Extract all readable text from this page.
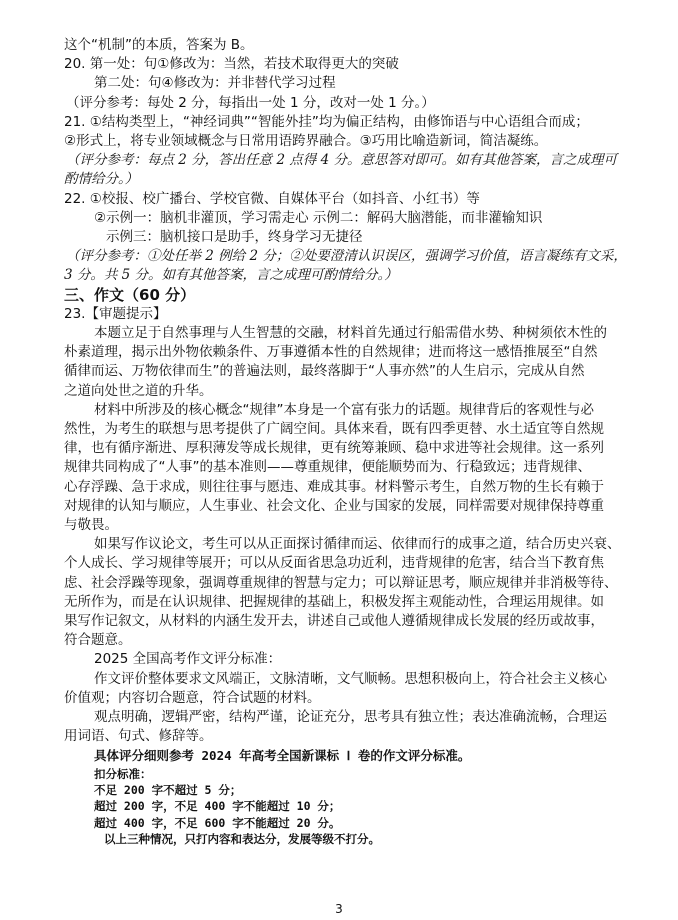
这个“机制”的本质，答案为 B。
20. 第一处：句①修改为：当然，若技术取得更大的突破
第二处：句④修改为：并非替代学习过程
（评分参考：每处 2 分，每指出一处 1 分，改对一处 1 分。）
21. ①结构类型上，“神经词典”“智能外挂”均为偏正结构，由修饰语与中心语组合而成；
②形式上，将专业领域概念与日常用语跨界融合。③巧用比喻造新词，简洁凝练。
（评分参考：每点 2 分，答出任意 2 点得 4 分。意思答对即可。如有其他答案，言之成理可
酌情给分。）
22. ①校报、校广播台、学校官微、自媒体平台（如抖音、小红书）等
②示例一：脑机非灌顶，学习需走心 示例二：解码大脑潜能，而非灌输知识
示例三：脑机接口是助手，终身学习无捷径
（评分参考：①处任举 2 例给 2 分；②处要澄清认识误区，强调学习价值，语言凝练有文采，
3 分。共 5 分。如有其他答案，言之成理可酌情给分。）
三、作文（60 分）
23.【审题提示】
本题立足于自然事理与人生智慧的交融，材料首先通过行船需借水势、种树须依木性的
朴素道理，揭示出外物依赖条件、万事遵循本性的自然规律；进而将这一感悟推展至“自然
循律而运、万物依律而生”的普遍法则，最终落脚于“人事亦然”的人生启示，完成从自然
之道向处世之道的升华。
材料中所涉及的核心概念“规律”本身是一个富有张力的话题。规律背后的客观性与必
然性，为考生的联想与思考提供了广阔空间。具体来看，既有四季更替、水土适宜等自然规
律，也有循序渐进、厚积薄发等成长规律，更有统筹兼顾、稳中求进等社会规律。这一系列
规律共同构成了“人事”的基本准则——尊重规律，便能顺势而为、行稳致远；违背规律、
心存浮躁、急于求成，则往往事与愿违、难成其事。材料警示考生，自然万物的生长有赖于
对规律的认知与顺应，人生事业、社会文化、企业与国家的发展，同样需要对规律保持尊重
与敬畏。
如果写作议论文，考生可以从正面探讨循律而运、依律而行的成事之道，结合历史兴衰、
个人成长、学习规律等展开；可以从反面省思急功近利，违背规律的危害，结合当下教育焦
虑、社会浮躁等现象，强调尊重规律的智慧与定力；可以辩证思考，顺应规律并非消极等待、
无所作为，而是在认识规律、把握规律的基础上，积极发挥主观能动性，合理运用规律。如
果写作记叙文，从材料的内涵生发开去，讲述自己或他人遵循规律成长发展的经历或故事，
符合题意。
2025 全国高考作文评分标准：
作文评价整体要求文风端正，文脉清晰，文气顺畅。思想积极向上，符合社会主义核心
价值观；内容切合题意，符合试题的材料。
观点明确，逻辑严密，结构严谨，论证充分，思考具有独立性；表达准确流畅，合理运
用词语、句式、修辞等。
具体评分细则参考 2024 年高考全国新课标 Ⅰ 卷的作文评分标准。
3
扣分标准：
不足 200 字不超过 5 分；
超过 200 字，不足 400 字不能超过 10 分；
超过 400 字，不足 600 字不能超过 20 分。
以上三种情况，只打内容和表达分，发展等级不打分。
